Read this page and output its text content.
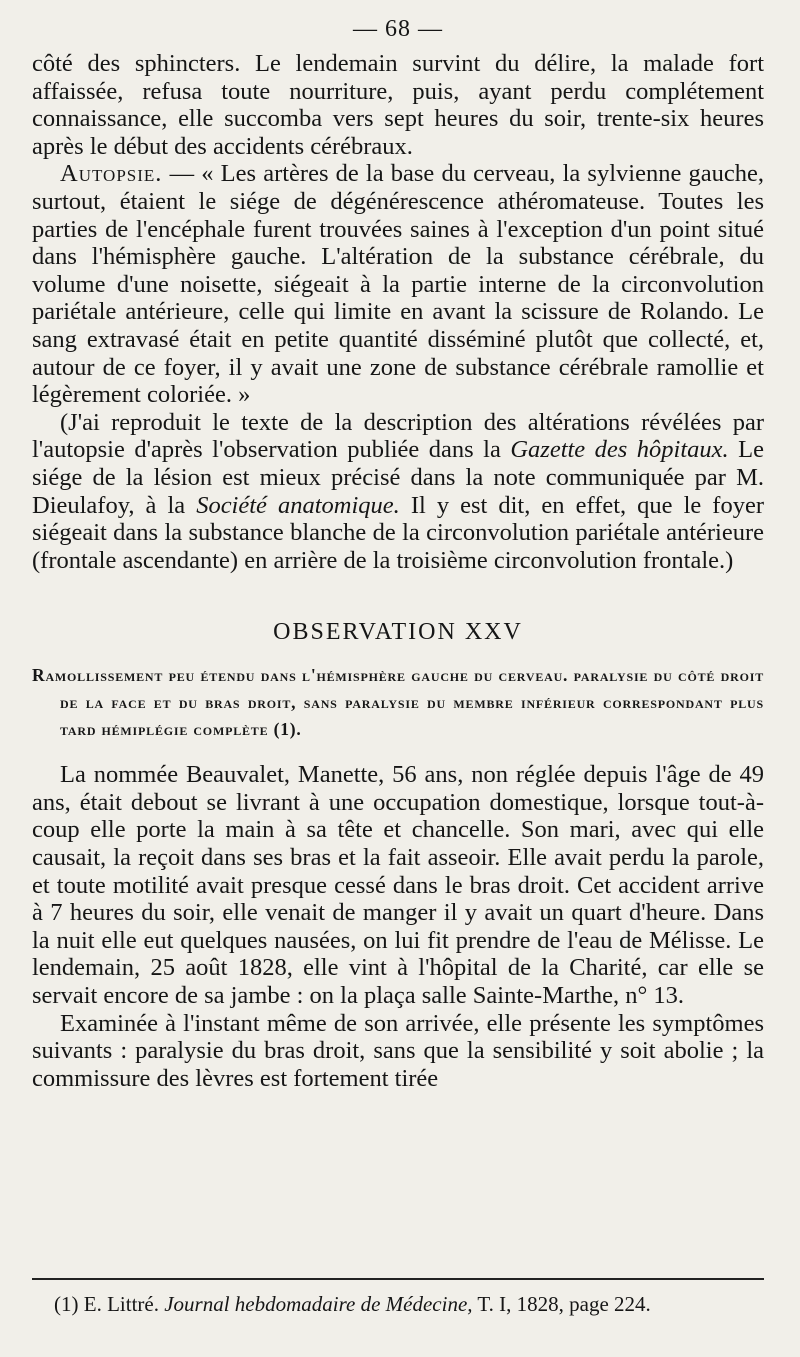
— 68 —

côté des sphincters. Le lendemain survint du délire, la malade fort affaissée, refusa toute nourriture, puis, ayant perdu complétement connaissance, elle succomba vers sept heures du soir, trente-six heures après le début des accidents cérébraux.

Autopsie. — « Les artères de la base du cerveau, la sylvienne gauche, surtout, étaient le siége de dégénérescence athéromateuse. Toutes les parties de l'encéphale furent trouvées saines à l'exception d'un point situé dans l'hémisphère gauche. L'altération de la substance cérébrale, du volume d'une noisette, siégeait à la partie interne de la circonvolution pariétale antérieure, celle qui limite en avant la scissure de Rolando. Le sang extravasé était en petite quantité disséminé plutôt que collecté, et, autour de ce foyer, il y avait une zone de substance cérébrale ramollie et légèrement coloriée. »

(J'ai reproduit le texte de la description des altérations révélées par l'autopsie d'après l'observation publiée dans la Gazette des hôpitaux. Le siége de la lésion est mieux précisé dans la note communiquée par M. Dieulafoy, à la Société anatomique. Il y est dit, en effet, que le foyer siégeait dans la substance blanche de la circonvolution pariétale antérieure (frontale ascendante) en arrière de la troisième circonvolution frontale.)

OBSERVATION XXV

Ramollissement peu étendu dans l'hémisphère gauche du cerveau. paralysie du côté droit de la face et du bras droit, sans paralysie du membre inférieur correspondant plus tard hémiplégie complète (1).

La nommée Beauvalet, Manette, 56 ans, non réglée depuis l'âge de 49 ans, était debout se livrant à une occupation domestique, lorsque tout-à-coup elle porte la main à sa tête et chancelle. Son mari, avec qui elle causait, la reçoit dans ses bras et la fait asseoir. Elle avait perdu la parole, et toute motilité avait presque cessé dans le bras droit. Cet accident arrive à 7 heures du soir, elle venait de manger il y avait un quart d'heure. Dans la nuit elle eut quelques nausées, on lui fit prendre de l'eau de Mélisse. Le lendemain, 25 août 1828, elle vint à l'hôpital de la Charité, car elle se servait encore de sa jambe : on la plaça salle Sainte-Marthe, n° 13.

Examinée à l'instant même de son arrivée, elle présente les symptômes suivants : paralysie du bras droit, sans que la sensibilité y soit abolie ; la commissure des lèvres est fortement tirée

(1) E. Littré. Journal hebdomadaire de Médecine, T. I, 1828, page 224.
